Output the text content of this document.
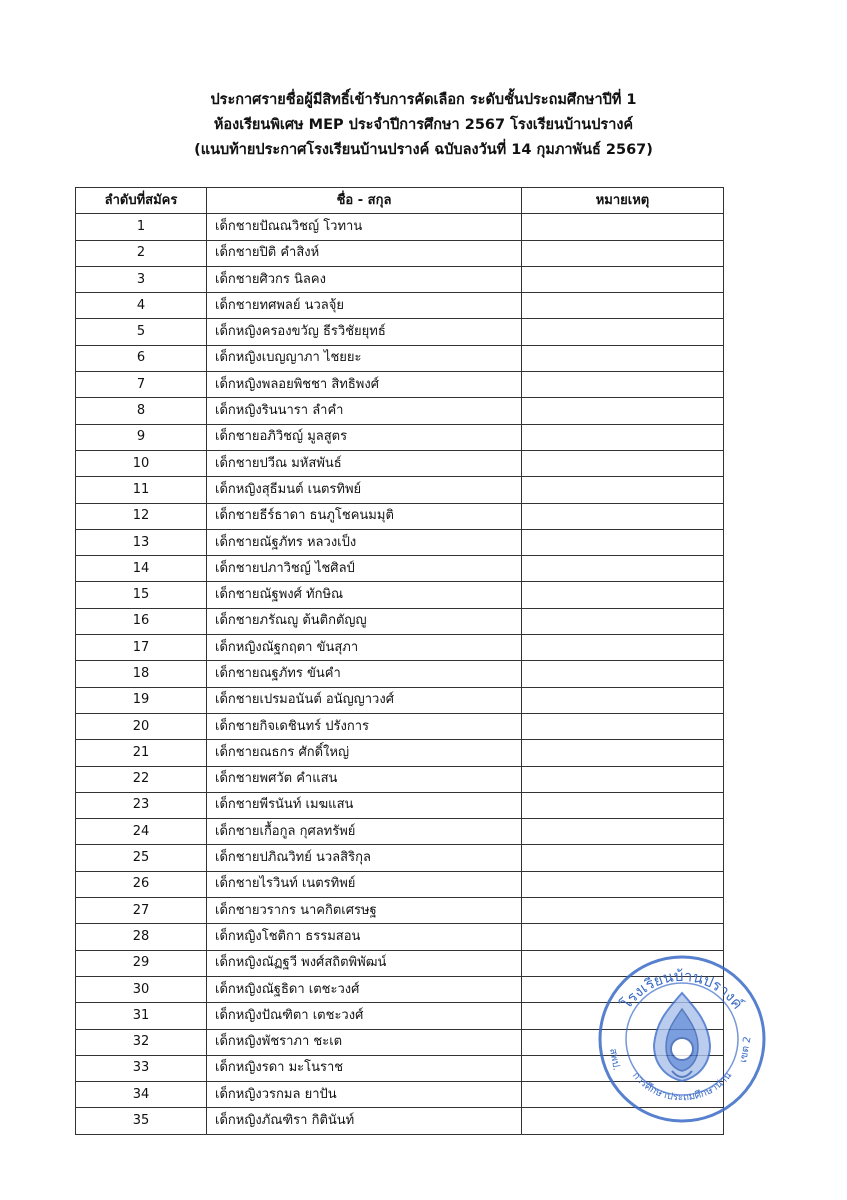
ประกาศรายชื่อผู้มีสิทธิ์เข้ารับการคัดเลือก ระดับชั้นประถมศึกษาปีที่ 1
ห้องเรียนพิเศษ MEP ประจำปีการศึกษา 2567 โรงเรียนบ้านปรางค์
(แนบท้ายประกาศโรงเรียนบ้านปรางค์ ฉบับลงวันที่ 14 กุมภาพันธ์ 2567)
ลำดับที่สมัคร	ชื่อ - สกุล	หมายเหตุ
1	เด็กชายปัณณวิชญ์ โวทาน	
2	เด็กชายปิติ คำสิงห์	
3	เด็กชายศิวกร นิลคง	
4	เด็กชายทศพลย์ นวลจุ้ย	
5	เด็กหญิงครองขวัญ ธีรวิชัยยุทธ์	
6	เด็กหญิงเบญญาภา ไชยยะ	
7	เด็กหญิงพลอยพิชชา สิทธิพงศ์	
8	เด็กหญิงรินนารา ลำคำ	
9	เด็กชายอภิวิชญ์ มูลสูตร	
10	เด็กชายปวีณ มหัสพันธ์	
11	เด็กหญิงสุธีมนต์ เนตรทิพย์	
12	เด็กชายธีร์ธาดา ธนภูโชคนมมุติ	
13	เด็กชายณัฐภัทร หลวงเป็ง	
14	เด็กชายปภาวิชญ์ ไชศิลป์	
15	เด็กชายณัฐพงศ์ ทักษิณ	
16	เด็กชายภรัณญู ต้นติกตัญญู	
17	เด็กหญิงณัฐกฤตา ขันสุภา	
18	เด็กชายณฐภัทร ขันคำ	
19	เด็กชายเปรมอนันต์ อนัญญาวงศ์	
20	เด็กชายกิจเดชินทร์ ปรังการ	
21	เด็กชายณธกร ศักดิ์ใหญ่	
22	เด็กชายพศวัต คำแสน	
23	เด็กชายพีรนันท์ เมฆแสน	
24	เด็กชายเกื้อกูล กุศลทรัพย์	
25	เด็กชายปภิณวิทย์ นวลสิริกุล	
26	เด็กชายไรวินท์ เนตรทิพย์	
27	เด็กชายวรากร นาคกิตเศรษฐ	
28	เด็กหญิงโชติกา ธรรมสอน	
29	เด็กหญิงณัฏฐวี พงศ์สถิตพิพัฒน์	
30	เด็กหญิงณัฐธิดา เตชะวงศ์	
31	เด็กหญิงปัณฑิตา เตชะวงศ์	
32	เด็กหญิงพัชราภา ชะเต	
33	เด็กหญิงรดา มะโนราช	
34	เด็กหญิงวรกมล ยาปัน	
35	เด็กหญิงภัณฑิรา กิตินันท์	
โรงเรียนบ้านปรางค์
การศึกษาประถมศึกษาน่าน
เขต 2
สพป.
